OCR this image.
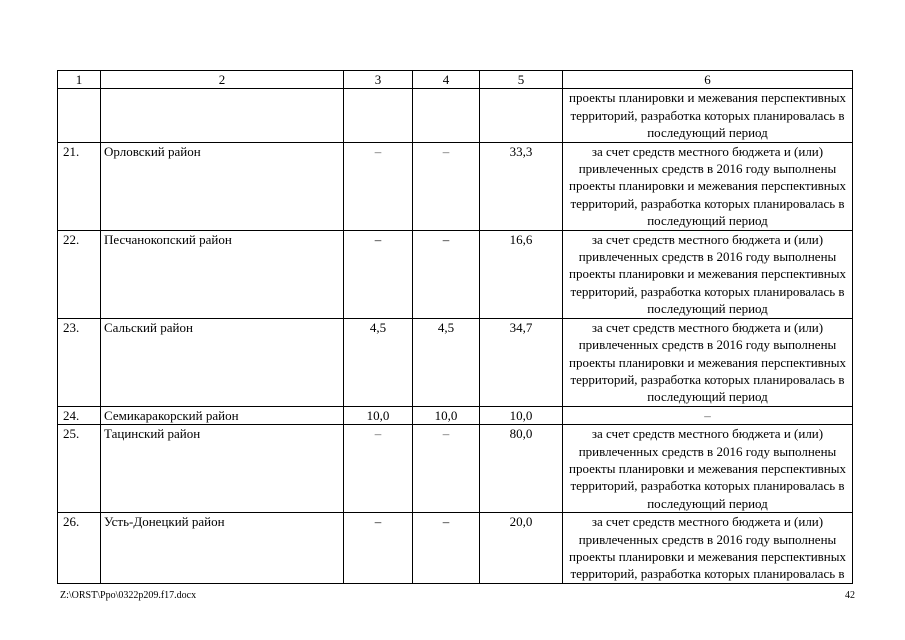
1	2	3	4	5	6

					проекты планировки и межевания перспективных
территорий, разработка которых планировалась в
последующий период

21.	Орловский район	–	–	33,3	за счет средств местного бюджета и (или)
привлеченных средств в 2016 году выполнены
проекты планировки и межевания перспективных
территорий, разработка которых планировалась в
последующий период

22.	Песчанокопский район	–	–	16,6	за счет средств местного бюджета и (или)
привлеченных средств в 2016 году выполнены
проекты планировки и межевания перспективных
территорий, разработка которых планировалась в
последующий период

23.	Сальский район	4,5	4,5	34,7	за счет средств местного бюджета и (или)
привлеченных средств в 2016 году выполнены
проекты планировки и межевания перспективных
территорий, разработка которых планировалась в
последующий период

24.	Семикаракорский район	10,0	10,0	10,0	–

25.	Тацинский район	–	–	80,0	за счет средств местного бюджета и (или)
привлеченных средств в 2016 году выполнены
проекты планировки и межевания перспективных
территорий, разработка которых планировалась в
последующий период

26.	Усть-Донецкий район	–	–	20,0	за счет средств местного бюджета и (или)
привлеченных средств в 2016 году выполнены
проекты планировки и межевания перспективных
территорий, разработка которых планировалась в
Z:\ORST\Ppo\0322p209.f17.docx	42
